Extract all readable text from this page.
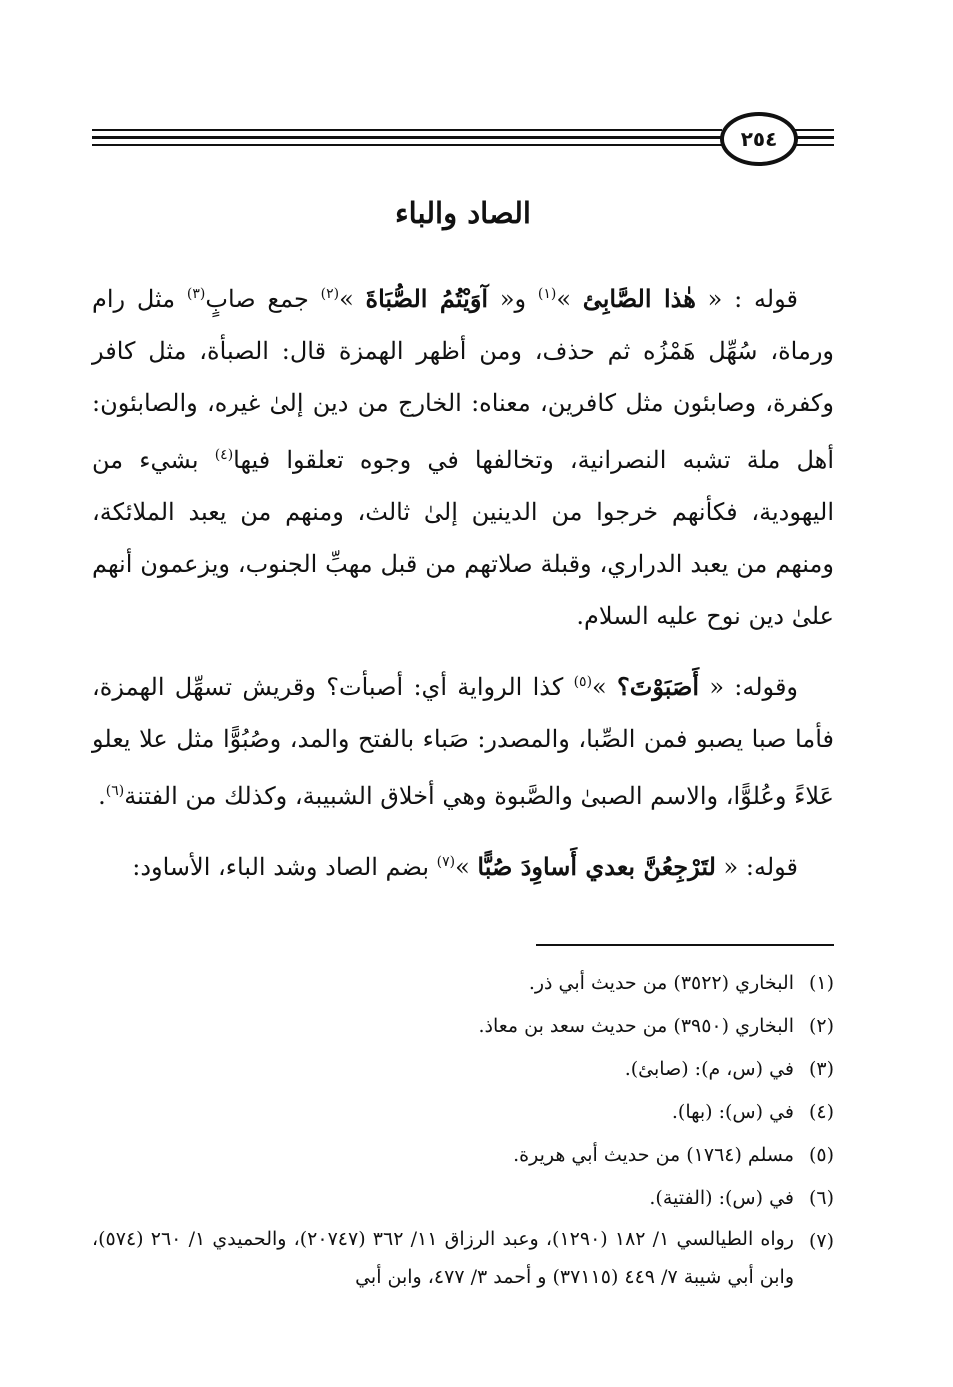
٢٥٤
الصاد والباء

قوله : « هٰذا الصَّابِئ »$^{(١)}$ و« آوَيْتُمُ الصُّبَاةَ »$^{(٢)}$ جمع صابٍ$^{(٣)}$ مثل رام ورماة، سُهِّل هَمْزُه ثم حذف، ومن أظهر الهمزة قال: الصبأة، مثل كافر وكفرة، وصابئون مثل كافرين، معناه: الخارج من دين إلىٰ غيره، والصابئون: أهل ملة تشبه النصرانية، وتخالفها في وجوه تعلقوا فيها$^{(٤)}$ بشيء من اليهودية، فكأنهم خرجوا من الدينين إلىٰ ثالث، ومنهم من يعبد الملائكة، ومنهم من يعبد الدراري، وقبلة صلاتهم من قبل مهبِّ الجنوب، ويزعمون أنهم علىٰ دين نوح عليه السلام.

وقوله: « أَصَبَوْتَ؟ »$^{(٥)}$ كذا الرواية أي: أصبأت؟ وقريش تسهِّل الهمزة، فأما صبا يصبو فمن الصِّبا، والمصدر: صَباء بالفتح والمد، وصُبُوًّا مثل علا يعلو عَلاءً وعُلوًّا، والاسم الصبىٰ والصَّبوة وهي أخلاق الشبيبة، وكذلك من الفتنة$^{(٦)}$.

قوله: « لتَرْجِعُنَّ بعدي أَساوِدَ صُبًّا »$^{(٧)}$ بضم الصاد وشد الباء، الأساود:

(١)
البخاري (٣٥٢٢) من حديث أبي ذر.
(٢)
البخاري (٣٩٥٠) من حديث سعد بن معاذ.
(٣)
في (س، م): (صابئ).
(٤)
في (س): (بها).
(٥)
مسلم (١٧٦٤) من حديث أبي هريرة.
(٦)
في (س): (الفتية).
(٧)
رواه الطيالسي ١/ ١٨٢ (١٢٩٠)، وعبد الرزاق ١١/ ٣٦٢ (٢٠٧٤٧)، والحميدي ١/ ٢٦٠ (٥٧٤)، وابن أبي شيبة ٧/ ٤٤٩ (٣٧١١٥) و أحمد ٣/ ٤٧٧، وابن أبي
